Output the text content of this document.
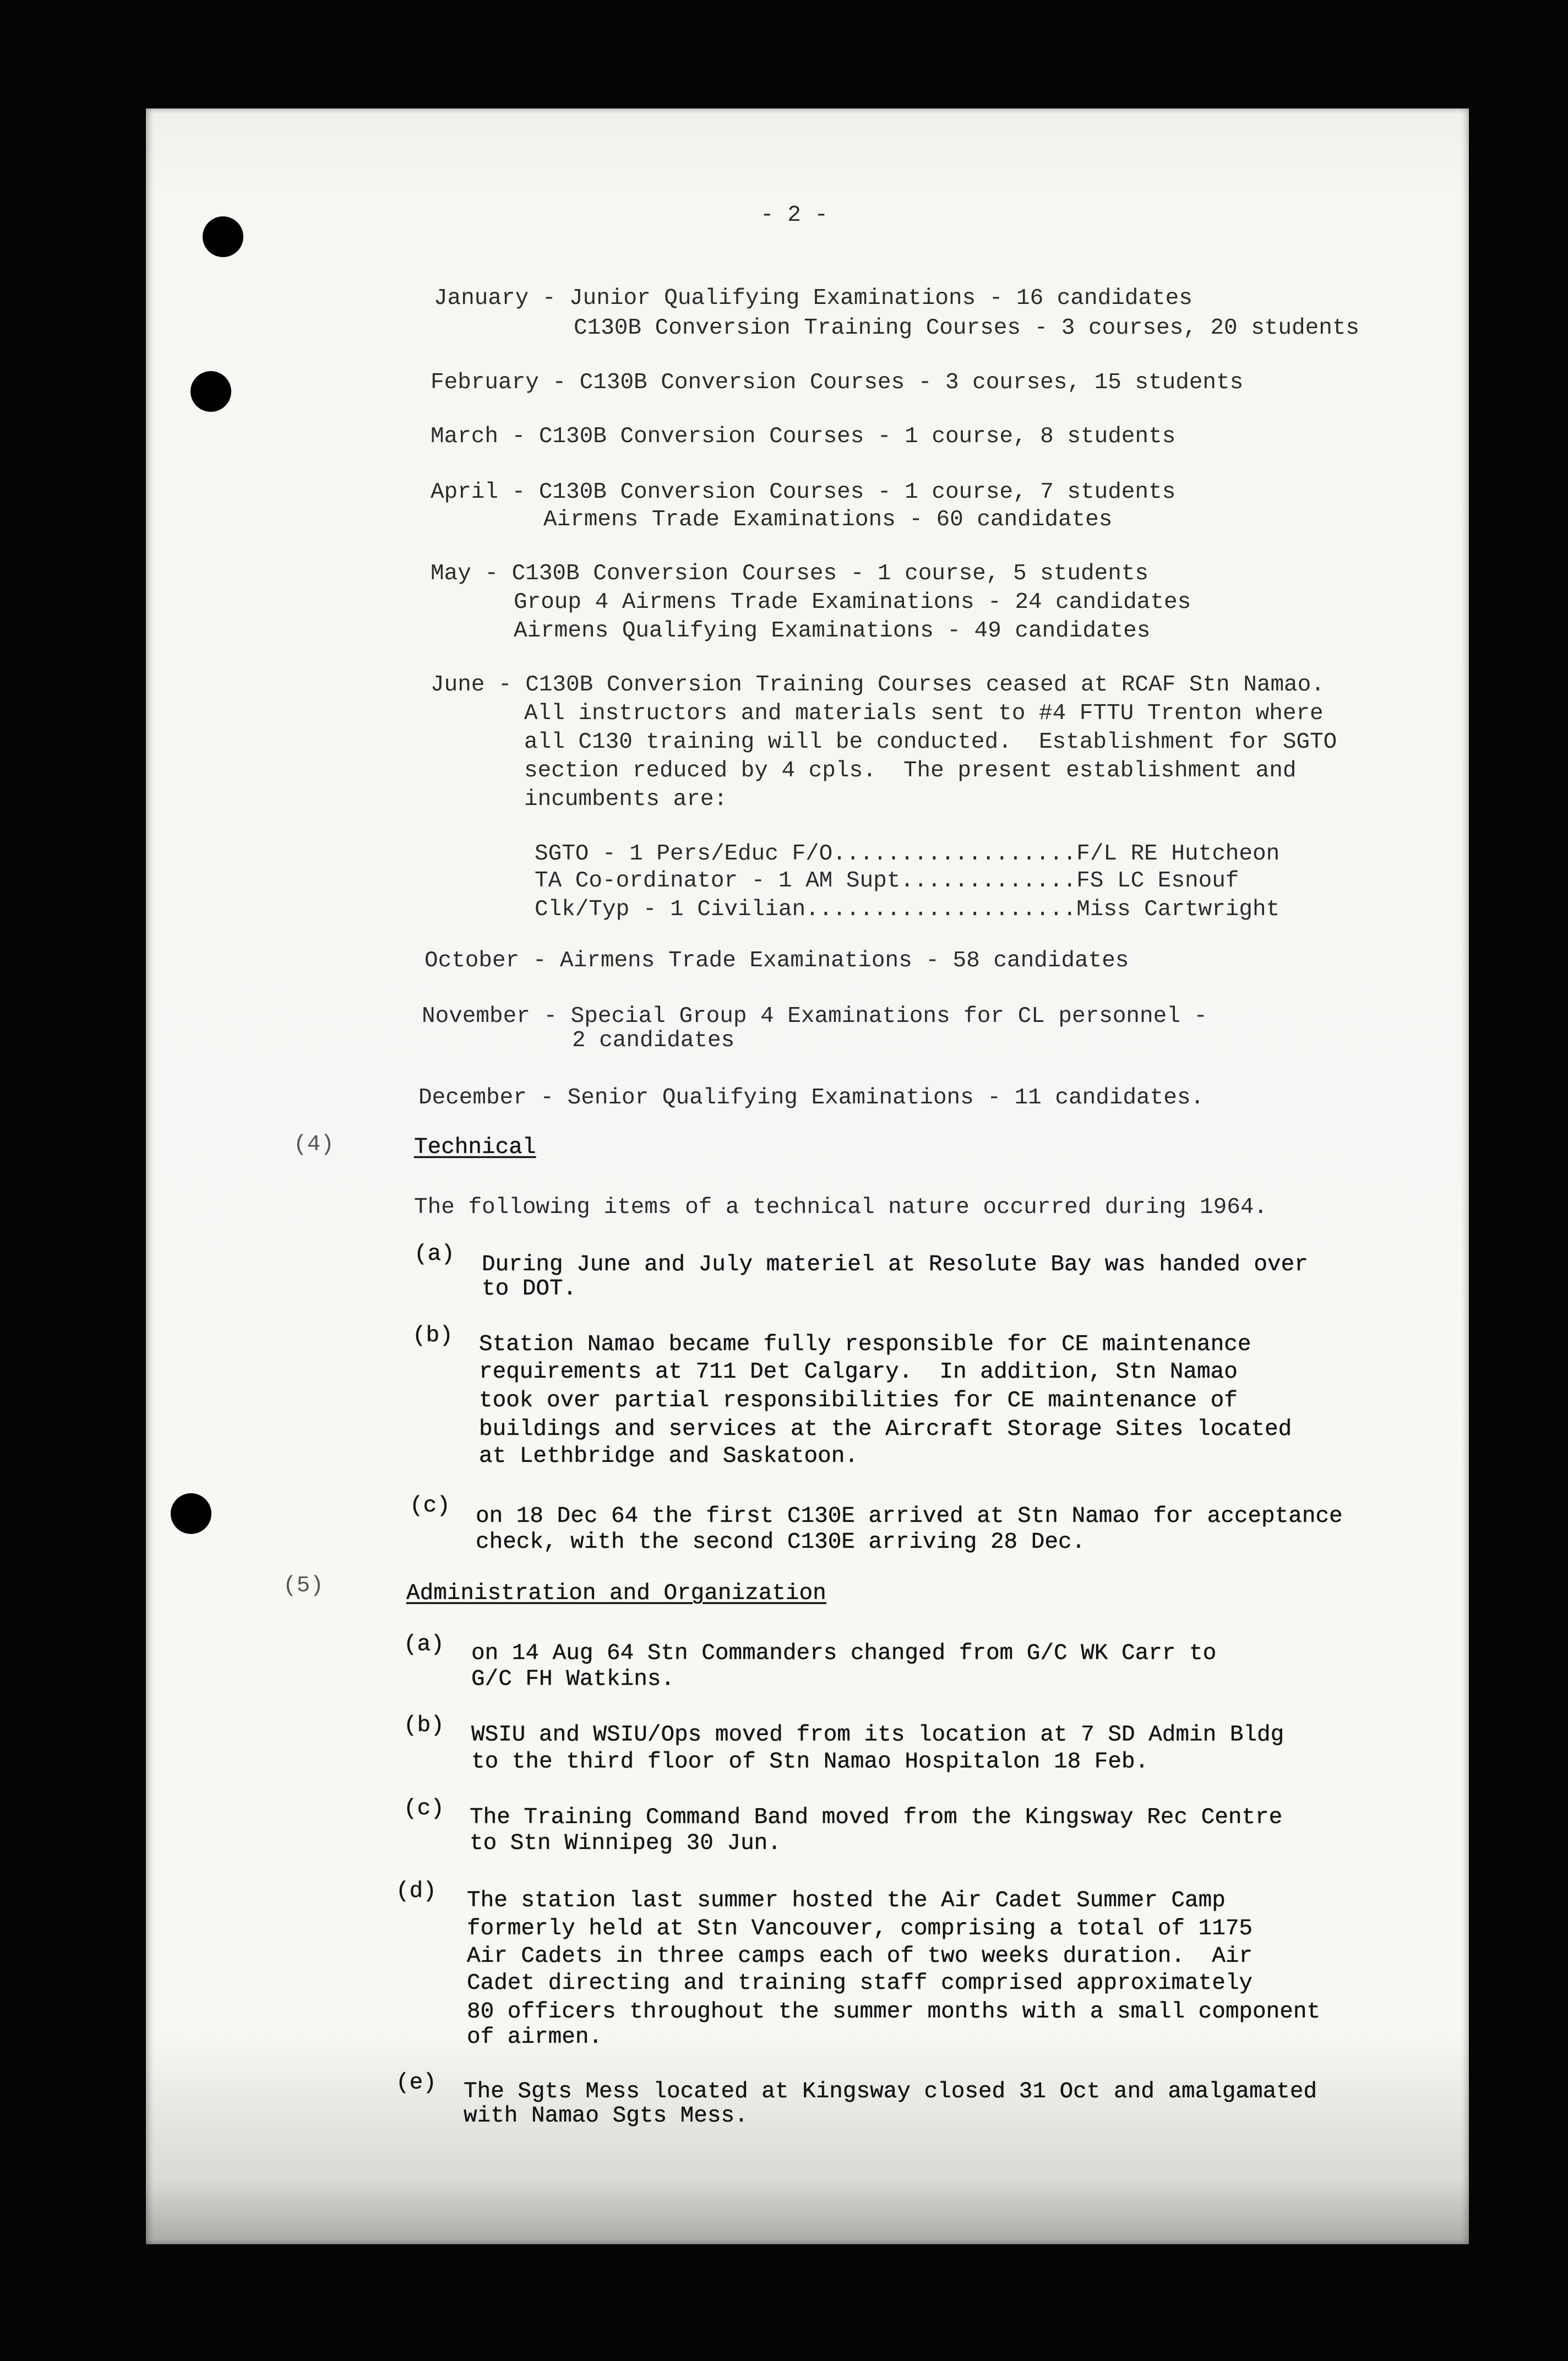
- 2 -
January - Junior Qualifying Examinations - 16 candidates
C130B Conversion Training Courses - 3 courses, 20 students
February - C130B Conversion Courses - 3 courses, 15 students
March - C130B Conversion Courses - 1 course, 8 students
April - C130B Conversion Courses - 1 course, 7 students
Airmens Trade Examinations - 60 candidates
May - C130B Conversion Courses - 1 course, 5 students
Group 4 Airmens Trade Examinations - 24 candidates
Airmens Qualifying Examinations - 49 candidates
June - C130B Conversion Training Courses ceased at RCAF Stn Namao.
All instructors and materials sent to #4 FTTU Trenton where
all C130 training will be conducted.  Establishment for SGTO
section reduced by 4 cpls.  The present establishment and
incumbents are:
SGTO - 1 Pers/Educ F/O..................F/L RE Hutcheon
TA Co-ordinator - 1 AM Supt.............FS LC Esnouf
Clk/Typ - 1 Civilian....................Miss Cartwright
October - Airmens Trade Examinations - 58 candidates
November - Special Group 4 Examinations for CL personnel -
2 candidates
December - Senior Qualifying Examinations - 11 candidates.
(4)	Technical
The following items of a technical nature occurred during 1964.
(a) During June and July materiel at Resolute Bay was handed over
to DOT.
(b) Station Namao became fully responsible for CE maintenance
requirements at 711 Det Calgary.  In addition, Stn Namao
took over partial responsibilities for CE maintenance of
buildings and services at the Aircraft Storage Sites located
at Lethbridge and Saskatoon.
(c) on 18 Dec 64 the first C130E arrived at Stn Namao for acceptance
check, with the second C130E arriving 28 Dec.
(5)	Administration and Organization
(a) on 14 Aug 64 Stn Commanders changed from G/C WK Carr to
G/C FH Watkins.
(b) WSIU and WSIU/Ops moved from its location at 7 SD Admin Bldg
to the third floor of Stn Namao Hospitalon 18 Feb.
(c) The Training Command Band moved from the Kingsway Rec Centre
to Stn Winnipeg 30 Jun.
(d) The station last summer hosted the Air Cadet Summer Camp
formerly held at Stn Vancouver, comprising a total of 1175
Air Cadets in three camps each of two weeks duration.  Air
Cadet directing and training staff comprised approximately
80 officers throughout the summer months with a small component
of airmen.
(e) The Sgts Mess located at Kingsway closed 31 Oct and amalgamated
with Namao Sgts Mess.
